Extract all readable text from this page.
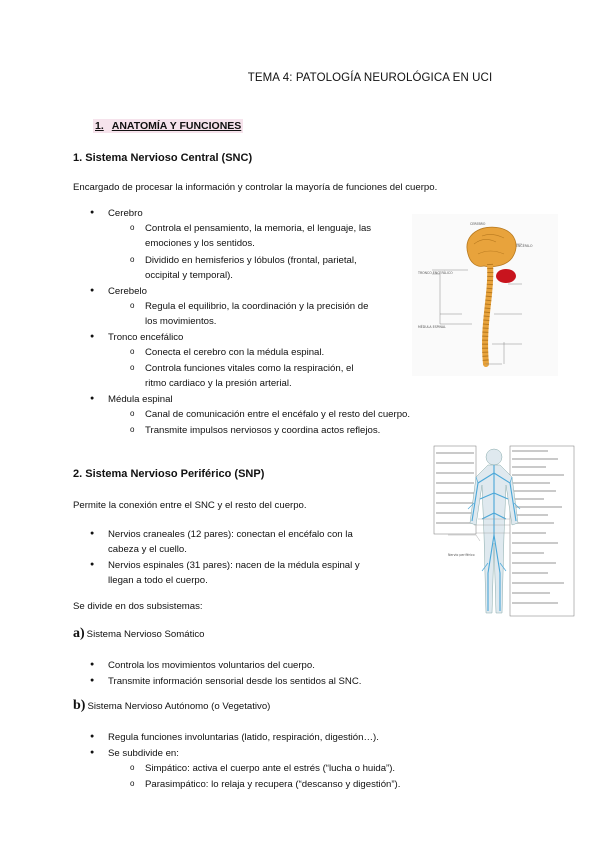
TEMA 4: PATOLOGÍA NEUROLÓGICA EN UCI
1. ANATOMÍA Y FUNCIONES
1. Sistema Nervioso Central (SNC)
Encargado de procesar la información y controlar la mayoría de funciones del cuerpo.
● Cerebro
o Controla el pensamiento, la memoria, el lenguaje, las
emociones y los sentidos.
o Dividido en hemisferios y lóbulos (frontal, parietal,
occipital y temporal).
● Cerebelo
o Regula el equilibrio, la coordinación y la precisión de
los movimientos.
● Tronco encefálico
o Conecta el cerebro con la médula espinal.
o Controla funciones vitales como la respiración, el
ritmo cardiaco y la presión arterial.
● Médula espinal
o Canal de comunicación entre el encéfalo y el resto del cuerpo.
o Transmite impulsos nerviosos y coordina actos reflejos.
CEREBRO
ENCÉFALO
TRONCO ENCEFÁLICO
MÉDULA ESPINAL
2. Sistema Nervioso Periférico (SNP)
Permite la conexión entre el SNC y el resto del cuerpo.
● Nervios craneales (12 pares): conectan el encéfalo con la
cabeza y el cuello.
● Nervios espinales (31 pares): nacen de la médula espinal y
llegan a todo el cuerpo.
Se divide en dos subsistemas:
a) Sistema Nervioso Somático
● Controla los movimientos voluntarios del cuerpo.
● Transmite información sensorial desde los sentidos al SNC.
b) Sistema Nervioso Autónomo (o Vegetativo)
● Regula funciones involuntarias (latido, respiración, digestión…).
● Se subdivide en:
o Simpático: activa el cuerpo ante el estrés (“lucha o huida”).
o Parasimpático: lo relaja y recupera (“descanso y digestión”).
Nervio periférico
